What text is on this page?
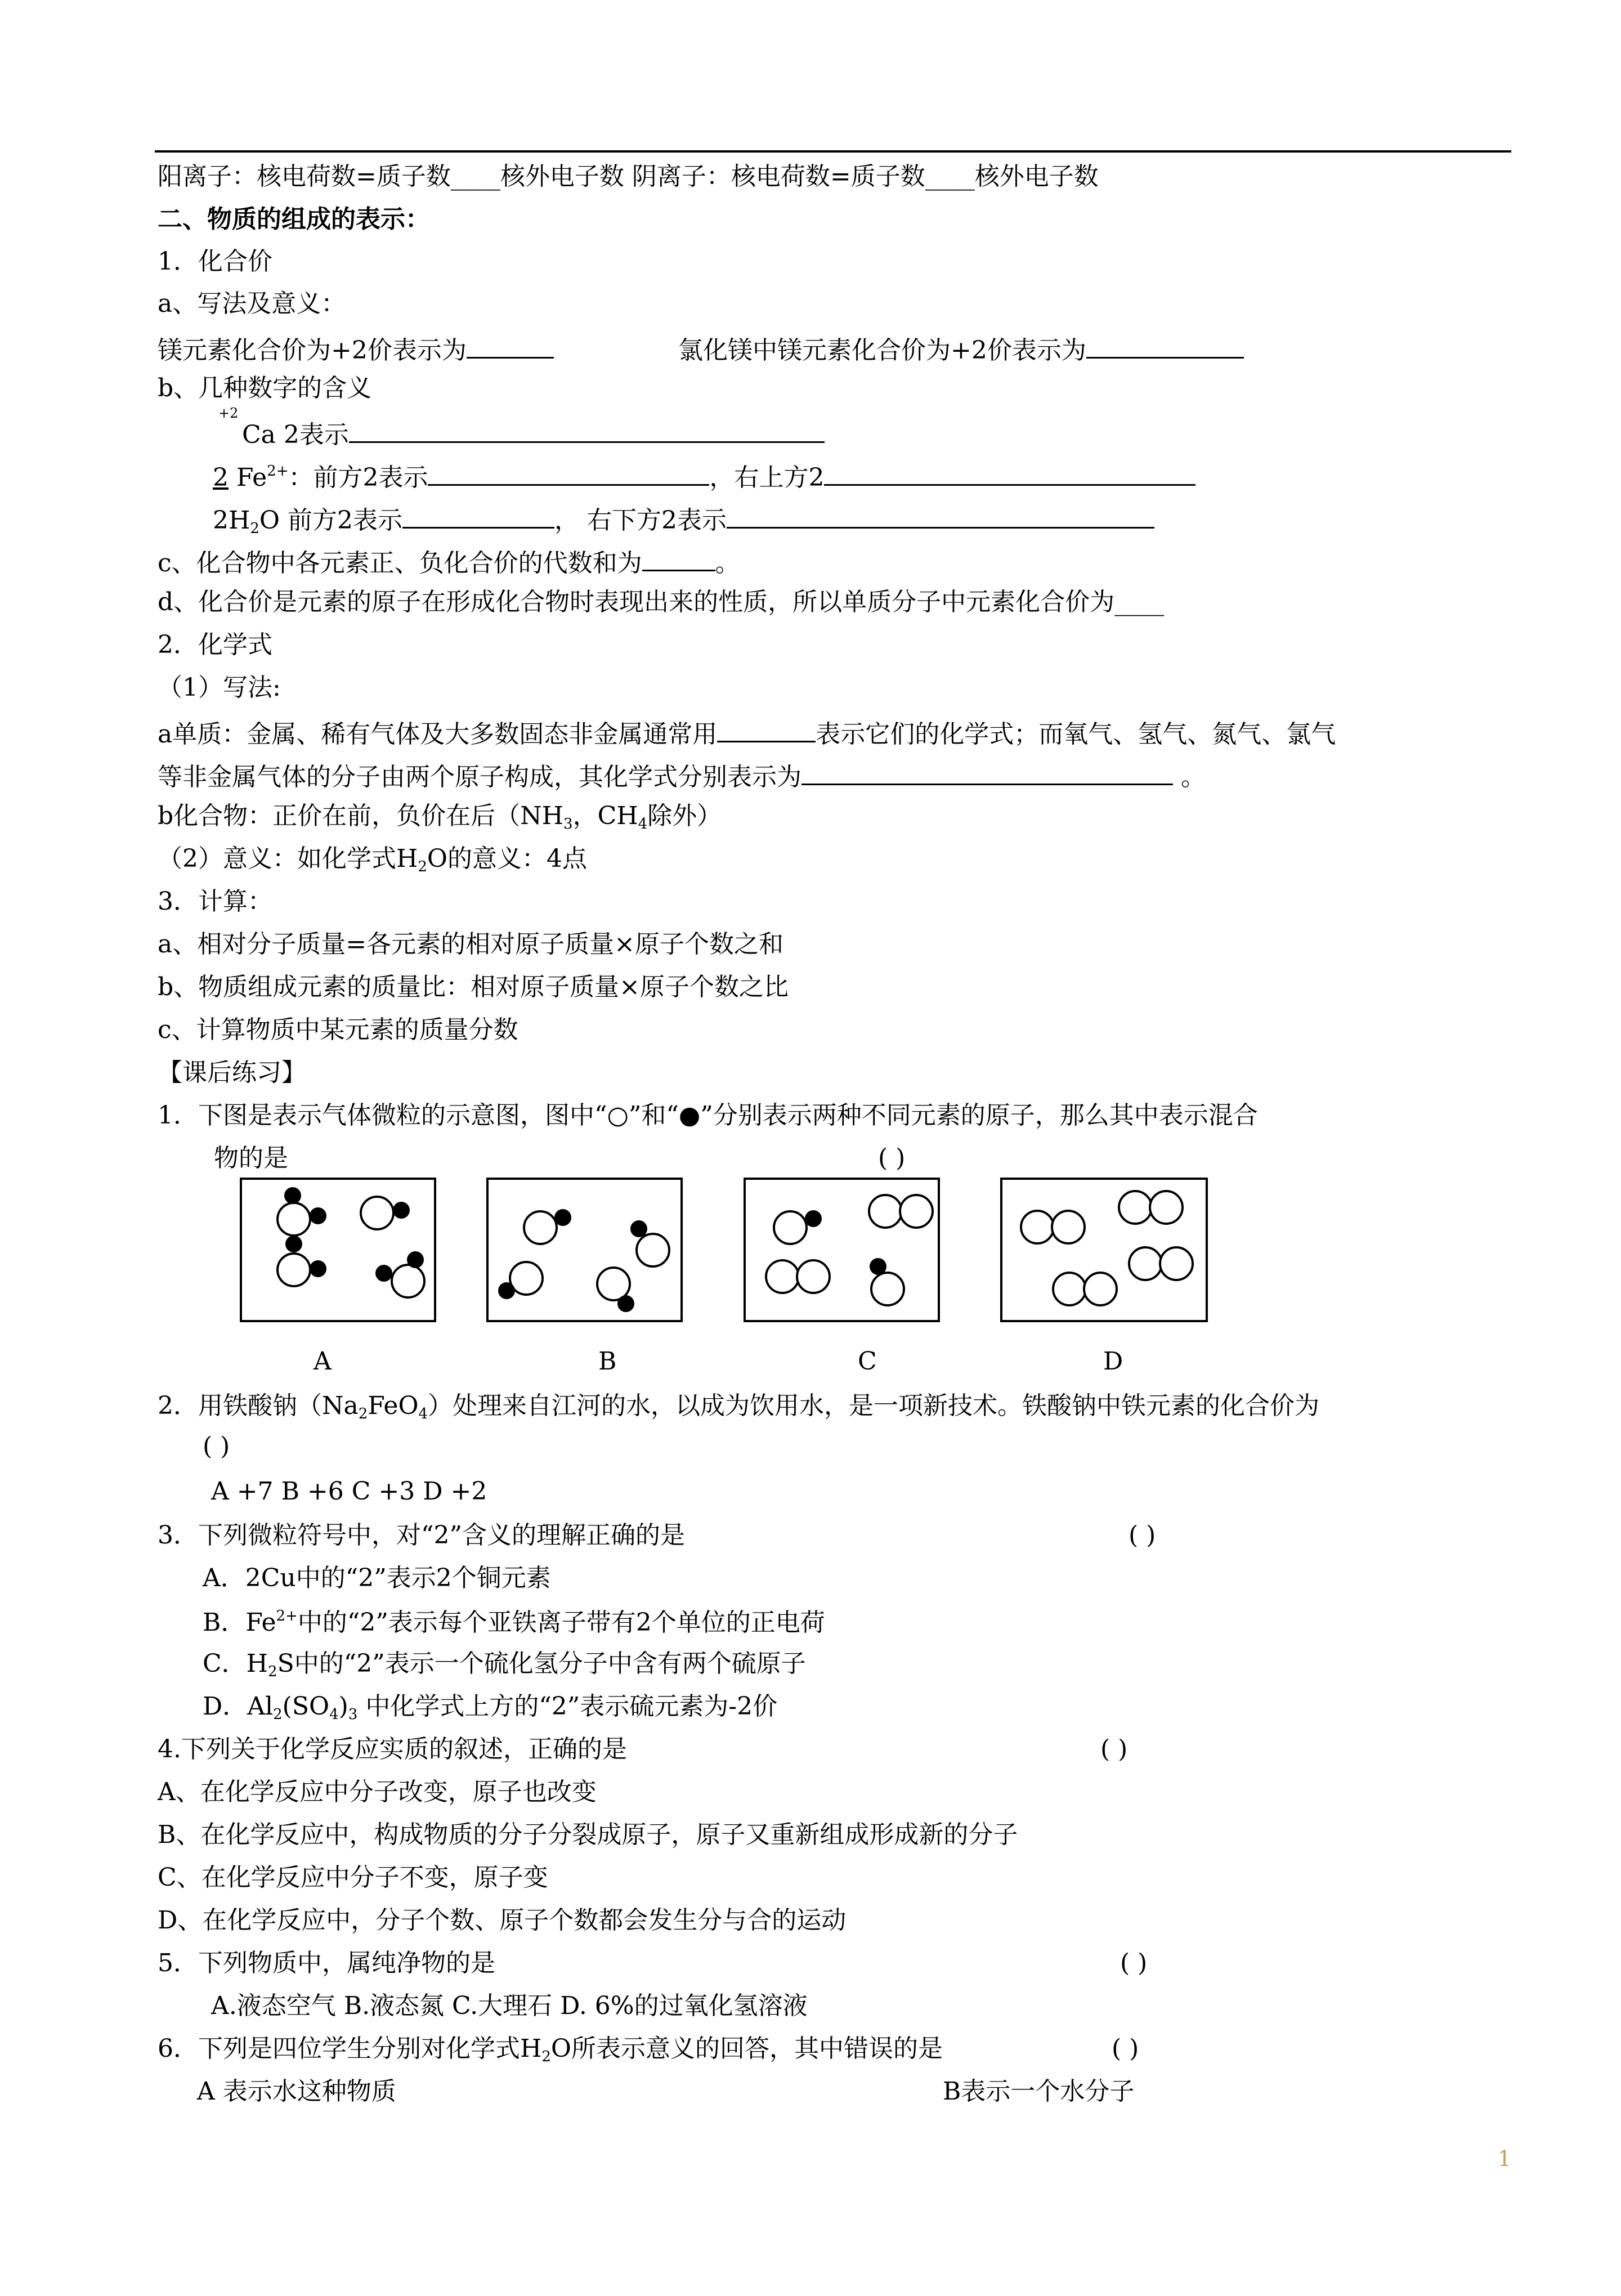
阳离子：核电荷数=质子数____核外电子数 阴离子：核电荷数=质子数____核外电子数
二、物质的组成的表示：
1．化合价
a、写法及意义：
镁元素化合价为+2价表示为	氯化镁中镁元素化合价为+2价表示为
b、几种数字的含义
+2
Ca 2表示
2 $Fe^{2+}$：前方2表示	，右上方2
$2H_2O$ 前方2表示	， 右下方2表示
c、化合物中各元素正、负化合价的代数和为	。
d、化合价是元素的原子在形成化合物时表现出来的性质，所以单质分子中元素化合价为____
2．化学式
（1）写法:
a单质：金属、稀有气体及大多数固态非金属通常用	表示它们的化学式；而氧气、氢气、氮气、氯气
等非金属气体的分子由两个原子构成，其化学式分别表示为	。
b化合物：正价在前，负价在后（$NH_3$，$CH_4$除外）
（2）意义：如化学式$H_2O$的意义：4点
3．计算：
a、相对分子质量=各元素的相对原子质量×原子个数之和
b、物质组成元素的质量比：相对原子质量×原子个数之比
c、计算物质中某元素的质量分数
【课后练习】
1．下图是表示气体微粒的示意图，图中“○”和“●”分别表示两种不同元素的原子，那么其中表示混合
物的是	( )
A	B	C	D
2．用铁酸钠$(Na_2FeO_4)$处理来自江河的水，以成为饮用水，是一项新技术。铁酸钠中铁元素的化合价为
( )
A +7 B +6 C +3 D +2
3．下列微粒符号中，对“2”含义的理解正确的是	( )
A．2Cu中的“2”表示2个铜元素
B．$Fe^{2+}$中的“2”表示每个亚铁离子带有2个单位的正电荷
C．$H_2S$中的“2”表示一个硫化氢分子中含有两个硫原子
D．$Al_2(SO_4)_3$ 中化学式上方的“2”表示硫元素为-2价
4.下列关于化学反应实质的叙述，正确的是	( )
A、在化学反应中分子改变，原子也改变
B、在化学反应中，构成物质的分子分裂成原子，原子又重新组成形成新的分子
C、在化学反应中分子不变，原子变
D、在化学反应中，分子个数、原子个数都会发生分与合的运动
5．下列物质中，属纯净物的是	( )
A.液态空气 B.液态氮 C.大理石 D. 6%的过氧化氢溶液
6．下列是四位学生分别对化学式$H_2O$所表示意义的回答，其中错误的是	( )
A 表示水这种物质	B表示一个水分子
1
